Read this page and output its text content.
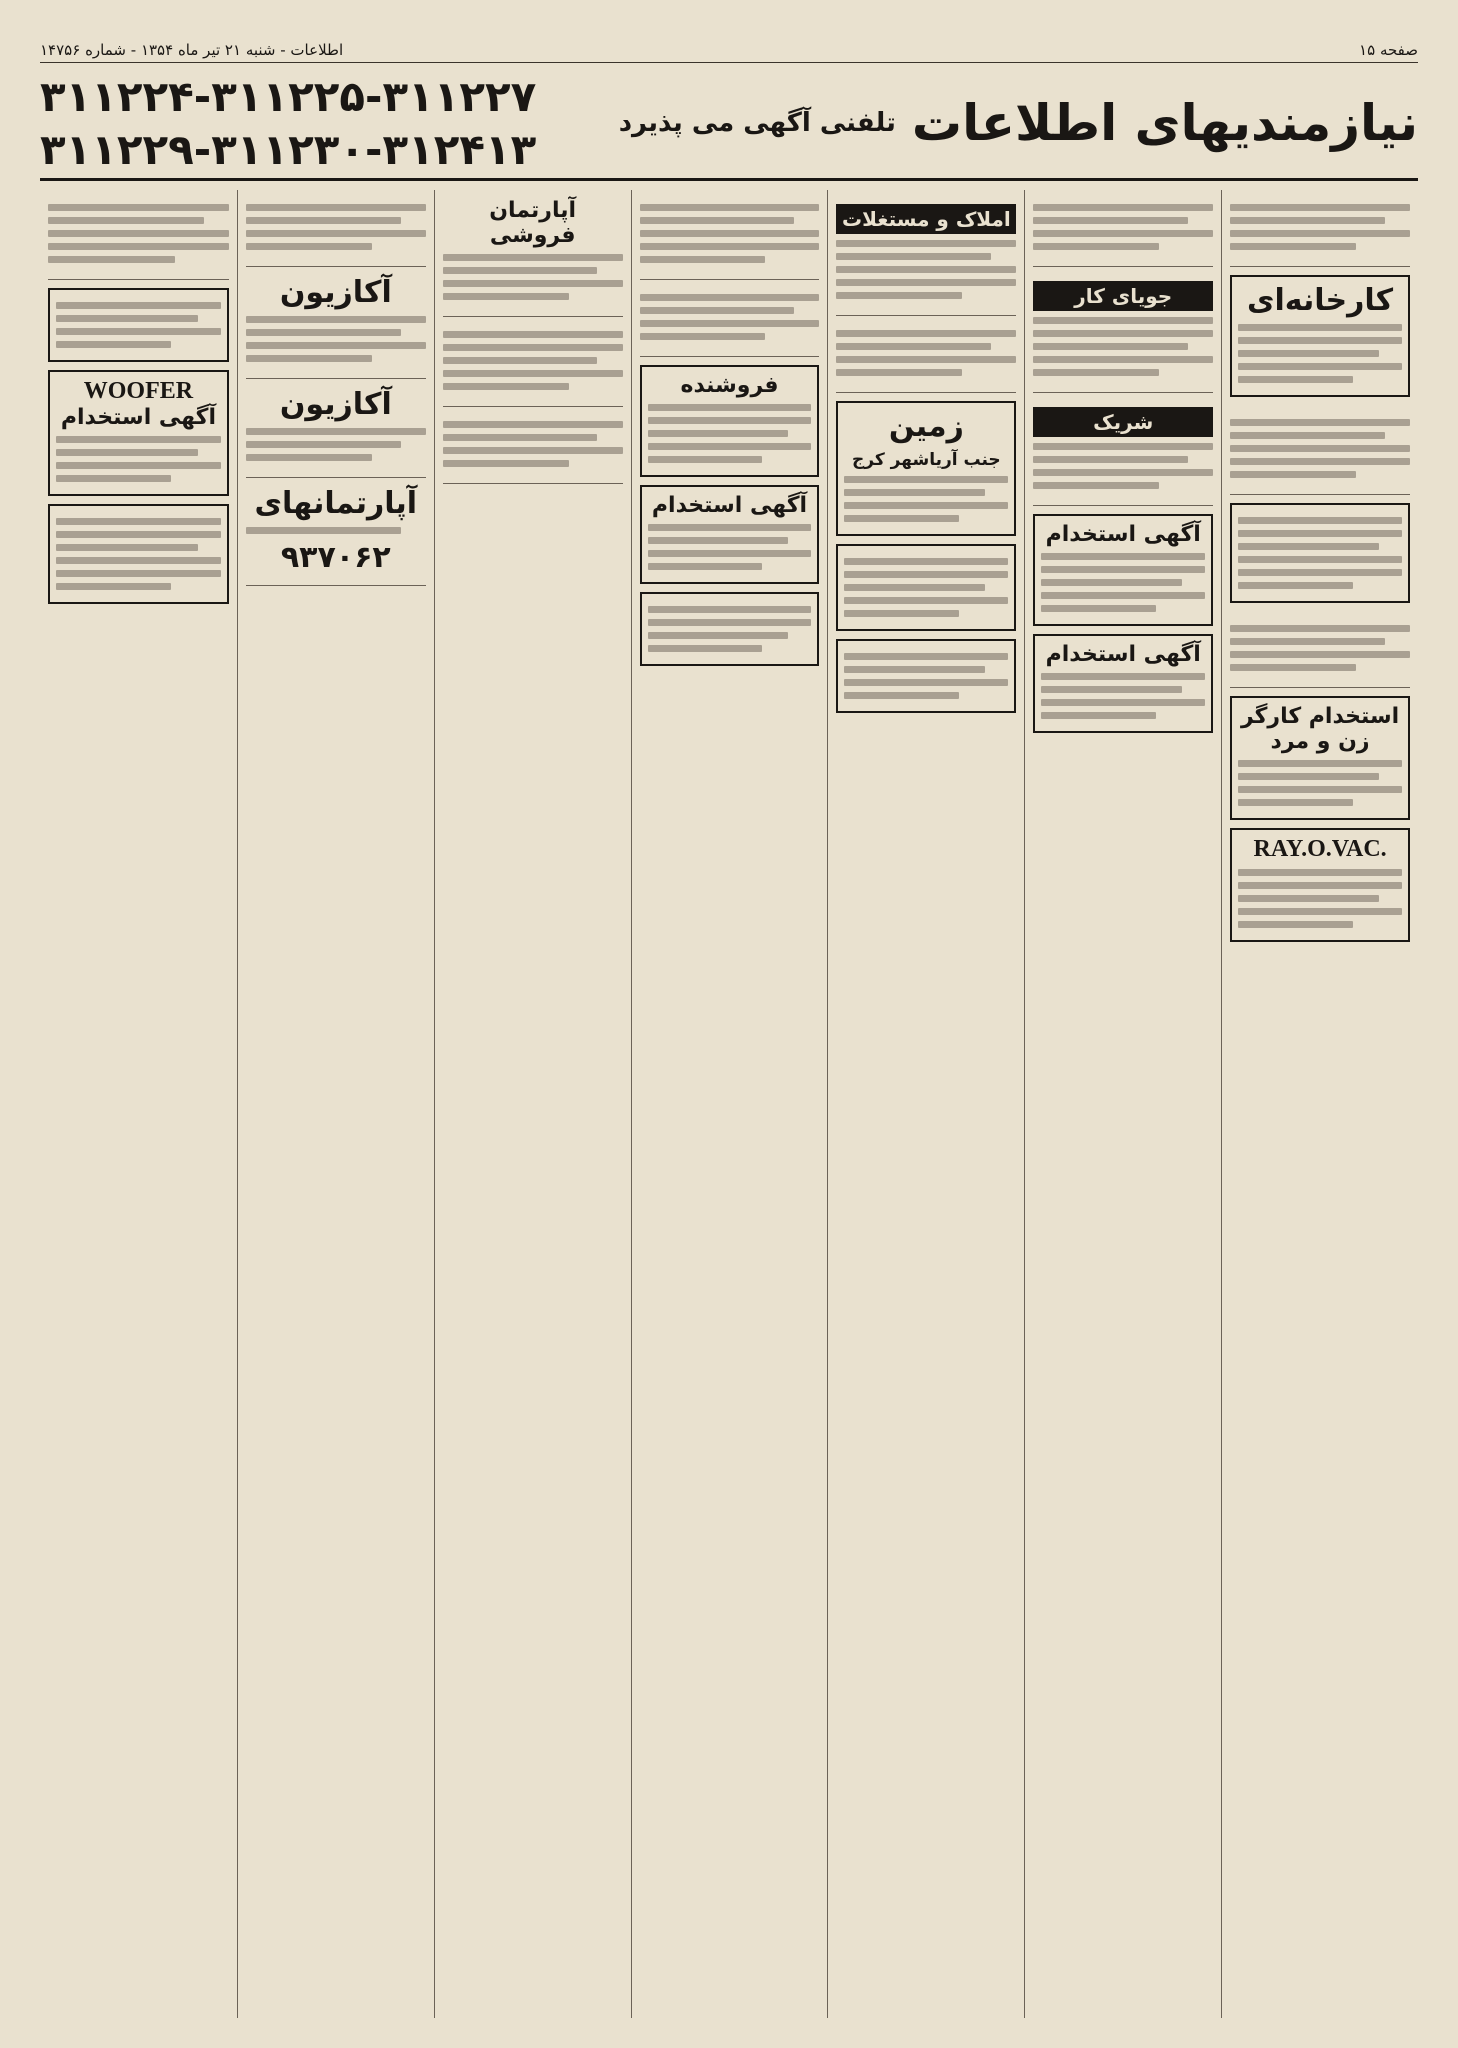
اطلاعات - شنبه ۲۱ تیر ماه ۱۳۵۴ - شماره ۱۴۷۵۶	صفحه ۱۵
۳۱۱۲۲۴-۳۱۱۲۲۵-۳۱۱۲۲۷
۳۱۱۲۲۹-۳۱۱۲۳۰-۳۱۲۴۱۳	نیازمندیهای اطلاعات
تلفنی آگهی می پذیرد
کارخانه‌ای
استخدام کارگر زن و مرد
RAY.O.VAC.
جویای کار
شریک
آگهی استخدام
آگهی استخدام
املاک و مستغلات
زمین
جنب آریاشهر کرج
فروشنده
آگهی استخدام
آپارتمان فروشی
آکازیون
آکازیون
آپارتمانهای
۹۳۷۰۶۲
WOOFER
آگهی استخدام
